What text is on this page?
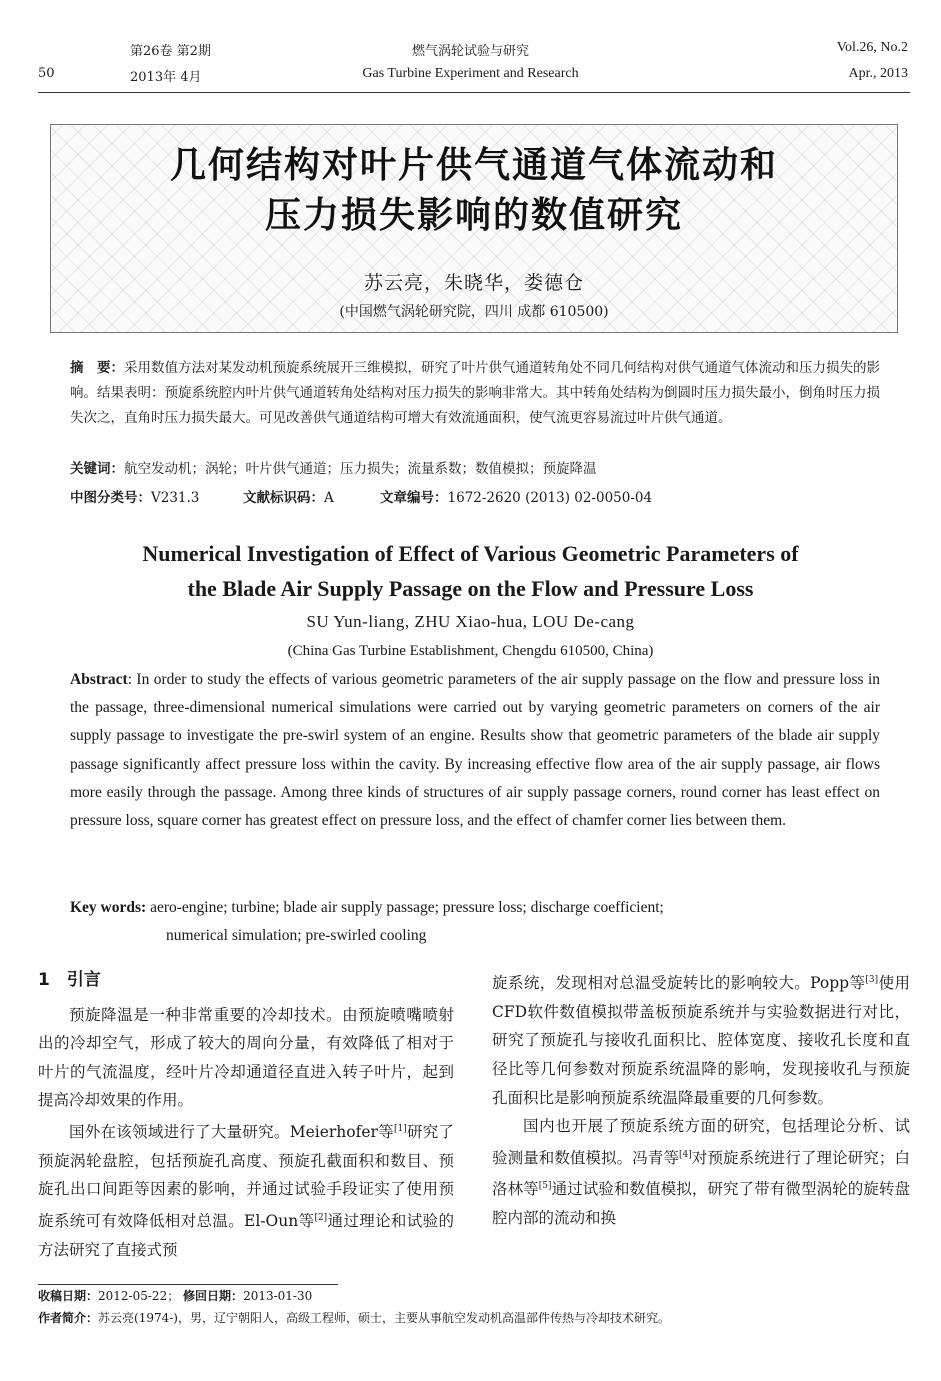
50
第26卷 第2期
2013年 4月
燃气涡轮试验与研究
Gas Turbine Experiment and Research
Vol.26, No.2
Apr., 2013
几何结构对叶片供气通道气体流动和
压力损失影响的数值研究
苏云亮，朱晓华，娄德仓
(中国燃气涡轮研究院，四川 成都 610500)
摘　要：采用数值方法对某发动机预旋系统展开三维模拟，研究了叶片供气通道转角处不同几何结构对供气通道气体流动和压力损失的影响。结果表明：预旋系统腔内叶片供气通道转角处结构对压力损失的影响非常大。其中转角处结构为倒圆时压力损失最小，倒角时压力损失次之，直角时压力损失最大。可见改善供气通道结构可增大有效流通面积，使气流更容易流过叶片供气通道。
关键词：航空发动机；涡轮；叶片供气通道；压力损失；流量系数；数值模拟；预旋降温
中图分类号：V231.3	文献标识码：A	文章编号：1672-2620 (2013) 02-0050-04
Numerical Investigation of Effect of Various Geometric Parameters of
the Blade Air Supply Passage on the Flow and Pressure Loss
SU Yun-liang, ZHU Xiao-hua, LOU De-cang
(China Gas Turbine Establishment, Chengdu 610500, China)
Abstract: In order to study the effects of various geometric parameters of the air supply passage on the flow and pressure loss in the passage, three-dimensional numerical simulations were carried out by varying geometric parameters on corners of the air supply passage to investigate the pre-swirl system of an engine. Results show that geometric parameters of the blade air supply passage significantly affect pressure loss within the cavity. By increasing effective flow area of the air supply passage, air flows more easily through the passage. Among three kinds of structures of air supply passage corners, round corner has least effect on pressure loss, square corner has greatest effect on pressure loss, and the effect of chamfer corner lies between them.
Key words: aero-engine; turbine; blade air supply passage; pressure loss; discharge coefficient;
numerical simulation; pre-swirled cooling

1　引言

预旋降温是一种非常重要的冷却技术。由预旋喷嘴喷射出的冷却空气，形成了较大的周向分量，有效降低了相对于叶片的气流温度，经叶片冷却通道径直进入转子叶片，起到提高冷却效果的作用。

国外在该领域进行了大量研究。Meierhofer等[1]研究了预旋涡轮盘腔，包括预旋孔高度、预旋孔截面积和数目、预旋孔出口间距等因素的影响，并通过试验手段证实了使用预旋系统可有效降低相对总温。El-Oun等[2]通过理论和试验的方法研究了直接式预

旋系统，发现相对总温受旋转比的影响较大。Popp等[3]使用CFD软件数值模拟带盖板预旋系统并与实验数据进行对比，研究了预旋孔与接收孔面积比、腔体宽度、接收孔长度和直径比等几何参数对预旋系统温降的影响，发现接收孔与预旋孔面积比是影响预旋系统温降最重要的几何参数。

国内也开展了预旋系统方面的研究，包括理论分析、试验测量和数值模拟。冯青等[4]对预旋系统进行了理论研究；白洛林等[5]通过试验和数值模拟，研究了带有微型涡轮的旋转盘腔内部的流动和换

收稿日期：2012-05-22； 修回日期：2013-01-30
作者简介：苏云亮(1974-)，男，辽宁朝阳人，高级工程师，硕士，主要从事航空发动机高温部件传热与冷却技术研究。
